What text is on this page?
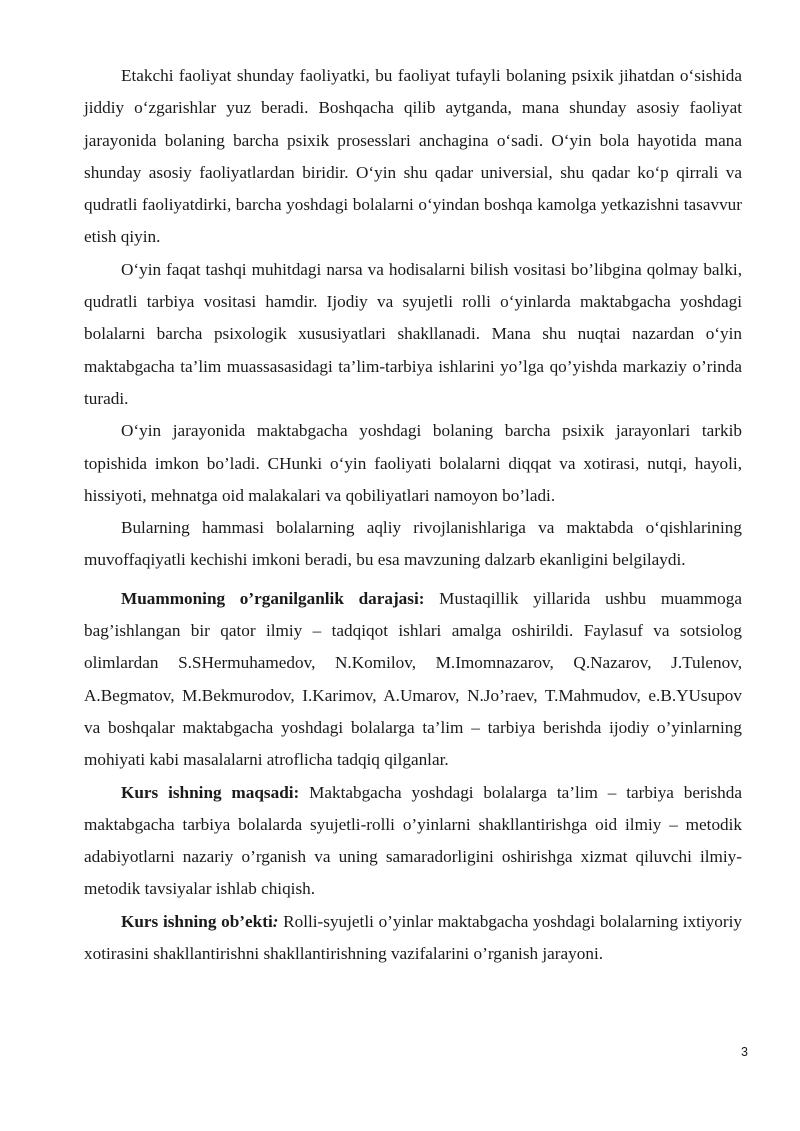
Etakchi faoliyat shunday faoliyatki, bu faoliyat tufayli bolaning psixik jihatdan oʻsishida jiddiy oʻzgarishlar yuz beradi. Boshqacha qilib aytganda, mana shunday asosiy faoliyat jarayonida bolaning barcha psixik prosesslari anchagina oʻsadi. Oʻyin bola hayotida mana shunday asosiy faoliyatlardan biridir. Oʻyin shu qadar universial, shu qadar koʻp qirrali va qudratli faoliyatdirki, barcha yoshdagi bolalarni oʻyindan boshqa kamolga yetkazishni tasavvur etish qiyin.

Oʻyin faqat tashqi muhitdagi narsa va hodisalarni bilish vositasi bo’libgina qolmay balki, qudratli tarbiya vositasi hamdir. Ijodiy va syujetli rolli oʻyinlarda maktabgacha yoshdagi bolalarni barcha psixologik xususiyatlari shakllanadi. Mana shu nuqtai nazardan oʻyin maktabgacha ta’lim muassasasidagi ta’lim-tarbiya ishlarini yo’lga qo’yishda markaziy o’rinda turadi.

Oʻyin jarayonida maktabgacha yoshdagi bolaning barcha psixik jarayonlari tarkib topishida imkon bo’ladi. CHunki oʻyin faoliyati bolalarni diqqat va xotirasi, nutqi, hayoli, hissiyoti, mehnatga oid malakalari va qobiliyatlari namoyon bo’ladi.

Bularning hammasi bolalarning aqliy rivojlanishlariga va maktabda oʻqishlarining muvoffaqiyatli kechishi imkoni beradi, bu esa mavzuning dalzarb ekanligini belgilaydi.

Muammoning o’rganilganlik darajasi: Mustaqillik yillarida ushbu muammoga bag’ishlangan bir qator ilmiy – tadqiqot ishlari amalga oshirildi. Faylasuf va sotsiolog olimlardan S.SHermuhamedov, N.Komilov, M.Imomnazarov, Q.Nazarov, J.Tulenov, A.Begmatov, M.Bekmurodov, I.Karimov, A.Umarov, N.Jo’raev, T.Mahmudov, e.B.YUsupov va boshqalar maktabgacha yoshdagi bolalarga ta’lim – tarbiya berishda ijodiy o’yinlarning mohiyati kabi masalalarni atroflicha tadqiq qilganlar.

Kurs ishning maqsadi: Maktabgacha yoshdagi bolalarga ta’lim – tarbiya berishda maktabgacha tarbiya bolalarda syujetli-rolli o’yinlarni shakllantirishga oid ilmiy – metodik adabiyotlarni nazariy o’rganish va uning samaradorligini oshirishga xizmat qiluvchi ilmiy-metodik tavsiyalar ishlab chiqish.

Kurs ishning ob’ekti: Rolli-syujetli o’yinlar maktabgacha yoshdagi bolalarning ixtiyoriy xotirasini shakllantirishni shakllantirishning vazifalarini o’rganish jarayoni.

3
